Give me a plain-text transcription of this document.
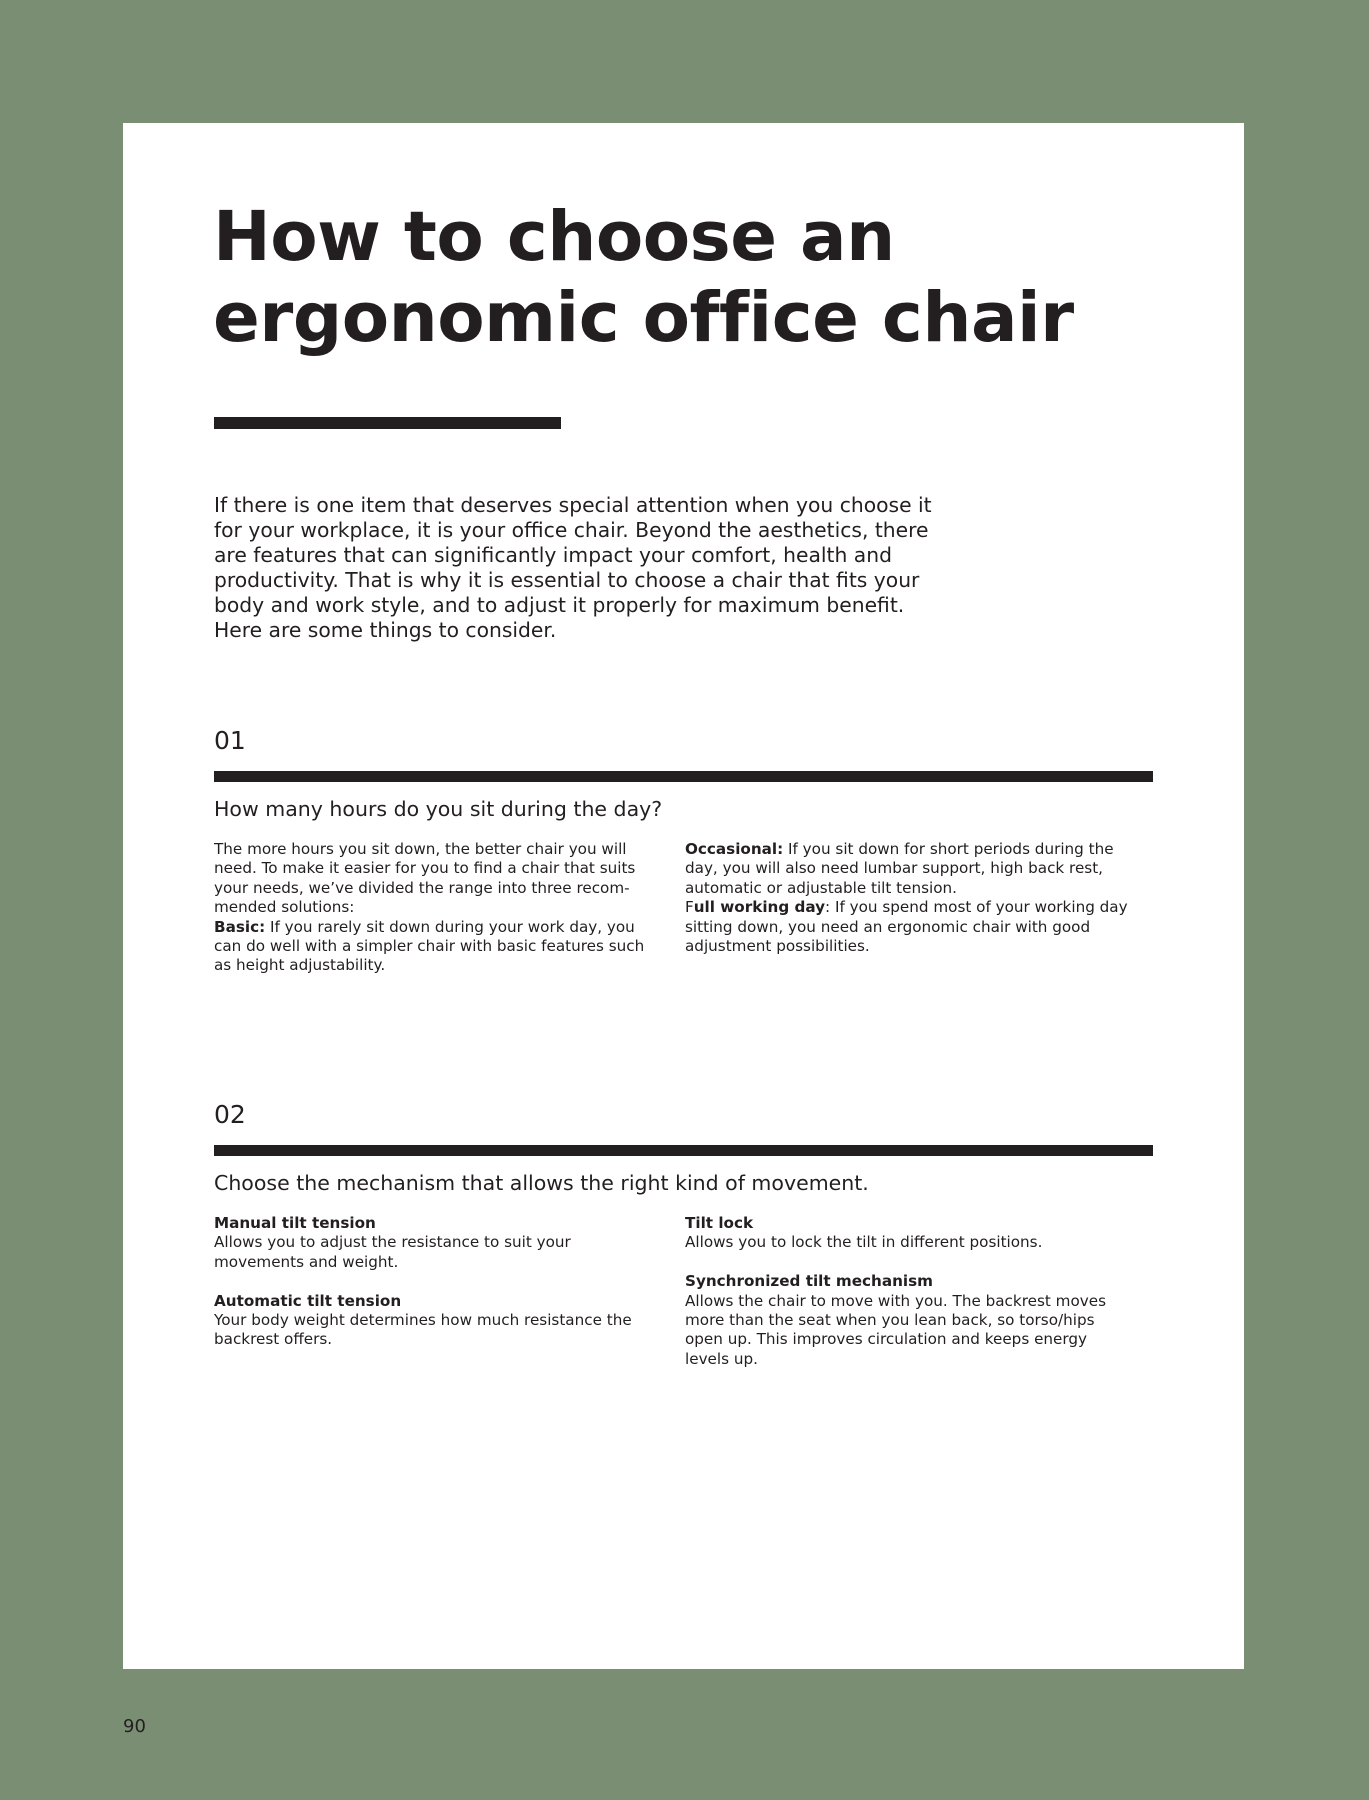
How to choose an
ergonomic office chair

If there is one item that deserves special attention when you choose it for your workplace, it is your office chair. Beyond the aesthetics, there are features that can significantly impact your comfort, health and productivity. That is why it is essential to choose a chair that fits your body and work style, and to adjust it properly for maximum benefit. Here are some things to consider.

01
How many hours do you sit during the day?

The more hours you sit down, the better chair you will need. To make it easier for you to find a chair that suits your needs, we’ve divided the range into three recommended solutions:

Basic: If you rarely sit down during your work day, you can do well with a simpler chair with basic features such as height adjustability.

Occasional: If you sit down for short periods during the day, you will also need lumbar support, high back rest, automatic or adjustable tilt tension.

Full working day: If you spend most of your working day sitting down, you need an ergonomic chair with good adjustment possibilities.

02
Choose the mechanism that allows the right kind of movement.

Manual tilt tension

Allows you to adjust the resistance to suit your movements and weight.

Automatic tilt tension

Your body weight determines how much resistance the backrest offers.

Tilt lock

Allows you to lock the tilt in different positions.

Synchronized tilt mechanism

Allows the chair to move with you. The backrest moves more than the seat when you lean back, so torso/hips open up. This improves circulation and keeps energy levels up.

90
